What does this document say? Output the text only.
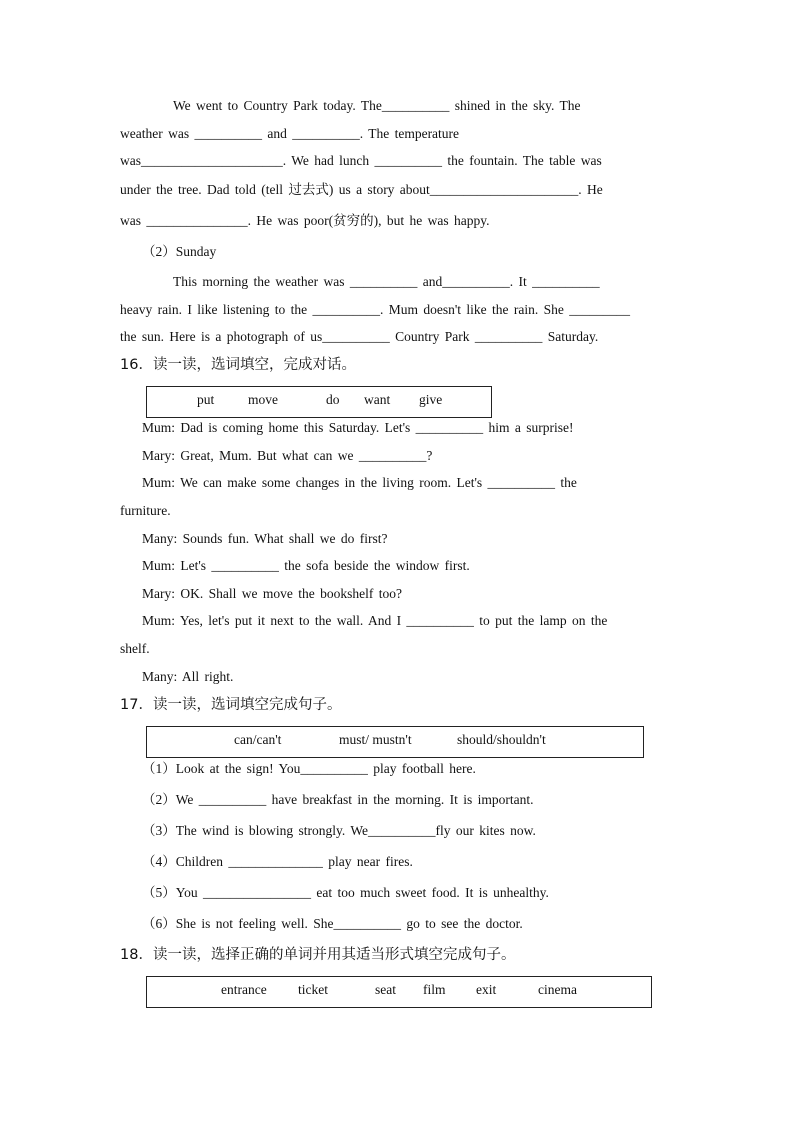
We went to Country Park today. The__________ shined in the sky. The
weather was __________ and __________. The temperature
was_____________________. We had lunch __________ the fountain. The table was
under the tree. Dad told (tell 过去式) us a story about______________________. He
was _______________. He was poor(贫穷的), but he was happy.
（2）Sunday
This morning the weather was __________ and__________. It __________
heavy rain. I like listening to the __________. Mum doesn't like the rain. She _________
the sun. Here is a photograph of us__________ Country Park __________ Saturday.
16．读一读，选词填空，完成对话。
put move	do want give
Mum: Dad is coming home this Saturday. Let's __________ him a surprise!
Mary: Great, Mum. But what can we __________?
Mum: We can make some changes in the living room. Let's __________ the
furniture.
Many: Sounds fun. What shall we do first?
Mum: Let's __________ the sofa beside the window first.
Mary: OK. Shall we move the bookshelf too?
Mum: Yes, let's put it next to the wall. And I __________ to put the lamp on the
shelf.
Many: All right.
17．读一读，选词填空完成句子。
can/can't	must/ mustn't	should/shouldn't
（1）Look at the sign! You__________ play football here.
（2）We __________ have breakfast in the morning. It is important.
（3）The wind is blowing strongly. We__________fly our kites now.
（4）Children ______________ play near fires.
（5）You ________________ eat too much sweet food. It is unhealthy.
（6）She is not feeling well. She__________ go to see the doctor.
18．读一读，选择正确的单词并用其适当形式填空完成句子。
entrance ticket	seat film exit	cinema
